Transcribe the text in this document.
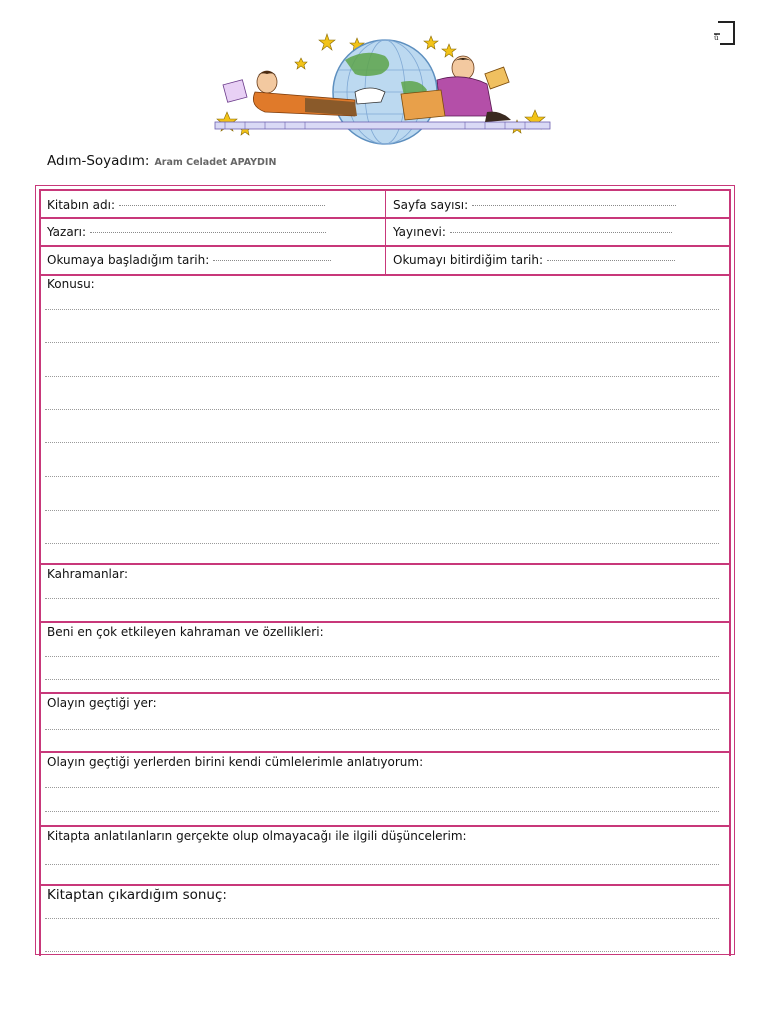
ü
Adım-Soyadım: Aram Celadet APAYDIN
Kitabın adı:	Sayfa sayısı:
Yazarı:	Yayınevi:
Okumaya başladığım tarih:	Okumayı bitirdiğim tarih:
Konusu:
Kahramanlar:
Beni en çok etkileyen kahraman ve özellikleri:
Olayın geçtiği yer:
Olayın geçtiği yerlerden birini kendi cümlelerimle anlatıyorum:
Kitapta anlatılanların gerçekte olup olmayacağı ile ilgili düşüncelerim:
Kitaptan çıkardığım sonuç:
